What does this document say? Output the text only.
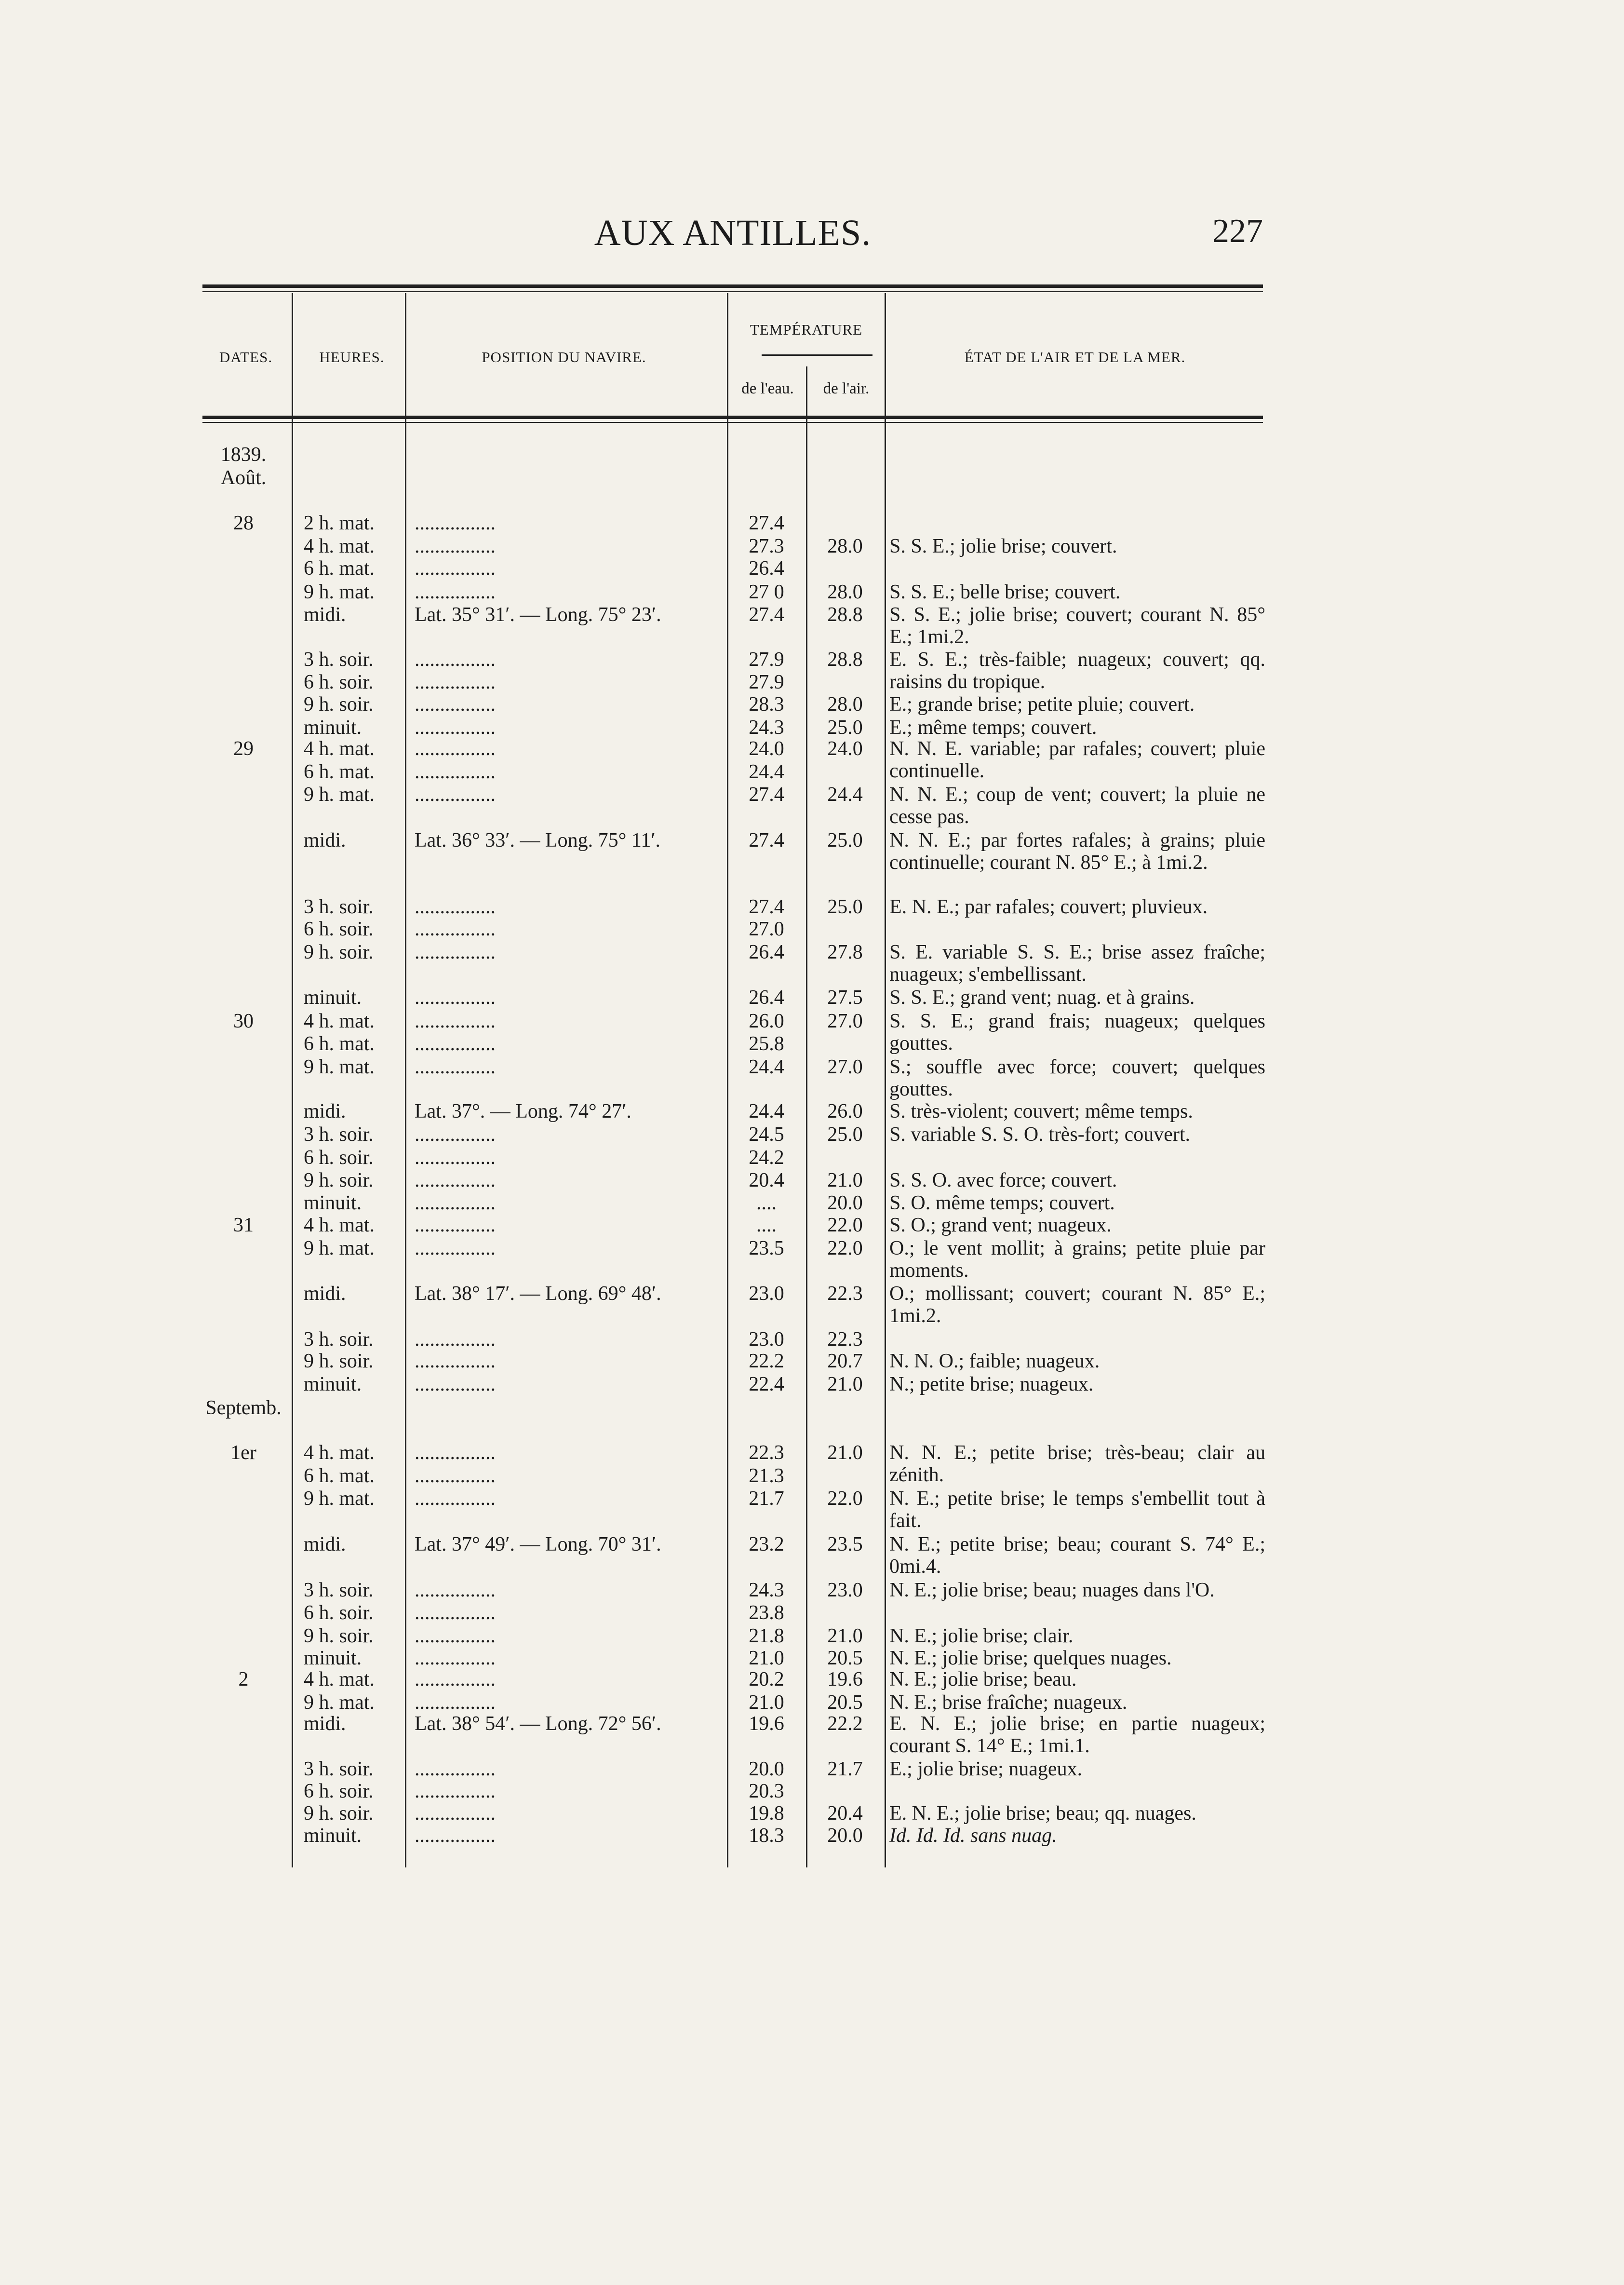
AUX ANTILLES.	227
DATES.	HEURES.	POSITION DU NAVIRE.
TEMPÉRATURE
de l'eau.	de l'air.
ÉTAT DE L'AIR ET DE LA MER.
1839.
Août.
28	2 h. mat.	................	27.4
4 h. mat.	................	27.3	28.0	S. S. E.; jolie brise; couvert.
6 h. mat.	................	26.4
9 h. mat.	................	27 0	28.0	S. S. E.; belle brise; couvert.
midi.	Lat. 35° 31′. — Long. 75° 23′.	27.4	28.8	S. S. E.; jolie brise; couvert; courant N. 85° E.; 1mi.2.
3 h. soir.	................	27.9	28.8	E. S. E.; très-faible; nuageux; couvert; qq. raisins du tropique.
6 h. soir.	................	27.9
9 h. soir.	................	28.3	28.0	E.; grande brise; petite pluie; couvert.
minuit.	................	24.3	25.0	E.; même temps; couvert.
29	4 h. mat.	................	24.0	24.0	N. N. E. variable; par rafales; couvert; pluie continuelle.
6 h. mat.	................	24.4
9 h. mat.	................	27.4	24.4	N. N. E.; coup de vent; couvert; la pluie ne cesse pas.
midi.	Lat. 36° 33′. — Long. 75° 11′.	27.4	25.0	N. N. E.; par fortes rafales; à grains; pluie continuelle; courant N. 85° E.; à 1mi.2.
3 h. soir.	................	27.4	25.0	E. N. E.; par rafales; couvert; pluvieux.
6 h. soir.	................	27.0
9 h. soir.	................	26.4	27.8	S. E. variable S. S. E.; brise assez fraîche; nuageux; s'embellissant.
minuit.	................	26.4	27.5	S. S. E.; grand vent; nuag. et à grains.
30	4 h. mat.	................	26.0	27.0	S. S. E.; grand frais; nuageux; quelques gouttes.
6 h. mat.	................	25.8
9 h. mat.	................	24.4	27.0	S.; souffle avec force; couvert; quelques gouttes.
midi.	Lat. 37°. — Long. 74° 27′.	24.4	26.0	S. très-violent; couvert; même temps.
3 h. soir.	................	24.5	25.0	S. variable S. S. O. très-fort; couvert.
6 h. soir.	................	24.2
9 h. soir.	................	20.4	21.0	S. S. O. avec force; couvert.
minuit.	................	....	20.0	S. O. même temps; couvert.
31	4 h. mat.	................	....	22.0	S. O.; grand vent; nuageux.
9 h. mat.	................	23.5	22.0	O.; le vent mollit; à grains; petite pluie par moments.
midi.	Lat. 38° 17′. — Long. 69° 48′.	23.0	22.3	O.; mollissant; couvert; courant N. 85° E.; 1mi.2.
3 h. soir.	................	23.0	22.3
9 h. soir.	................	22.2	20.7	N. N. O.; faible; nuageux.
minuit.	................	22.4	21.0	N.; petite brise; nuageux.
Septemb.
1er	4 h. mat.	................	22.3	21.0	N. N. E.; petite brise; très-beau; clair au zénith.
6 h. mat.	................	21.3
9 h. mat.	................	21.7	22.0	N. E.; petite brise; le temps s'embellit tout à fait.
midi.	Lat. 37° 49′. — Long. 70° 31′.	23.2	23.5	N. E.; petite brise; beau; courant S. 74° E.; 0mi.4.
3 h. soir.	................	24.3	23.0	N. E.; jolie brise; beau; nuages dans l'O.
6 h. soir.	................	23.8
9 h. soir.	................	21.8	21.0	N. E.; jolie brise; clair.
minuit.	................	21.0	20.5	N. E.; jolie brise; quelques nuages.
2	4 h. mat.	................	20.2	19.6	N. E.; jolie brise; beau.
9 h. mat.	................	21.0	20.5	N. E.; brise fraîche; nuageux.
midi.	Lat. 38° 54′. — Long. 72° 56′.	19.6	22.2	E. N. E.; jolie brise; en partie nuageux; courant S. 14° E.; 1mi.1.
3 h. soir.	................	20.0	21.7	E.; jolie brise; nuageux.
6 h. soir.	................	20.3
9 h. soir.	................	19.8	20.4	E. N. E.; jolie brise; beau; qq. nuages.
minuit.	................	18.3	20.0	Id. Id. Id. sans nuag.
